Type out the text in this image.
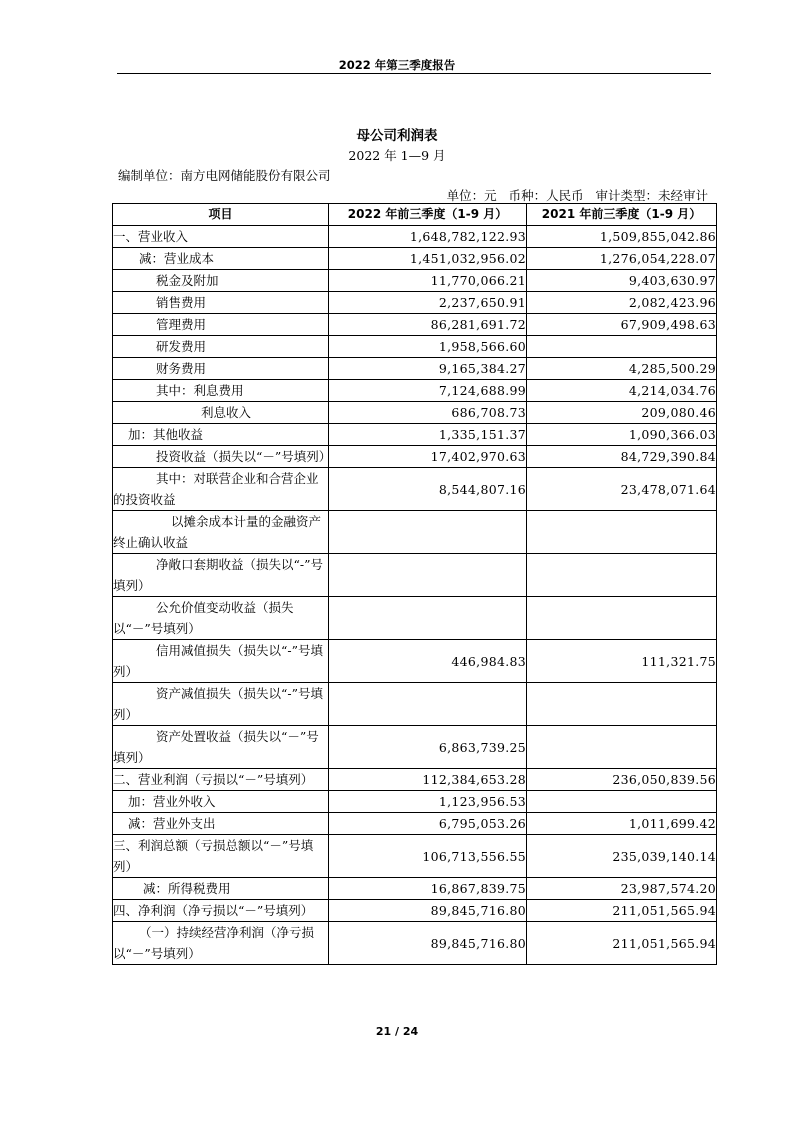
2022 年第三季度报告
母公司利润表
2022 年 1—9 月
编制单位：南方电网储能股份有限公司
单位：元   币种：人民币   审计类型：未经审计
项目	2022 年前三季度（1-9 月）	2021 年前三季度（1-9 月）
一、营业收入	1,648,782,122.93	1,509,855,042.86
减：营业成本	1,451,032,956.02	1,276,054,228.07
税金及附加	11,770,066.21	9,403,630.97
销售费用	2,237,650.91	2,082,423.96
管理费用	86,281,691.72	67,909,498.63
研发费用	1,958,566.60	
财务费用	9,165,384.27	4,285,500.29
其中：利息费用	7,124,688.99	4,214,034.76
利息收入	686,708.73	209,080.46
加：其他收益	1,335,151.37	1,090,366.03
投资收益（损失以“－”号填列）	17,402,970.63	84,729,390.84
其中：对联营企业和合营企业的投资收益	8,544,807.16	23,478,071.64
以摊余成本计量的金融资产终止确认收益		
净敞口套期收益（损失以“-”号填列）		
公允价值变动收益（损失以“－”号填列）		
信用减值损失（损失以“-”号填列）	446,984.83	111,321.75
资产减值损失（损失以“-”号填列）		
资产处置收益（损失以“－”号填列）	6,863,739.25	
二、营业利润（亏损以“－”号填列）	112,384,653.28	236,050,839.56
加：营业外收入	1,123,956.53	
减：营业外支出	6,795,053.26	1,011,699.42
三、利润总额（亏损总额以“－”号填列）	106,713,556.55	235,039,140.14
减：所得税费用	16,867,839.75	23,987,574.20
四、净利润（净亏损以“－”号填列）	89,845,716.80	211,051,565.94
（一）持续经营净利润（净亏损以“－”号填列）	89,845,716.80	211,051,565.94
21 / 24
